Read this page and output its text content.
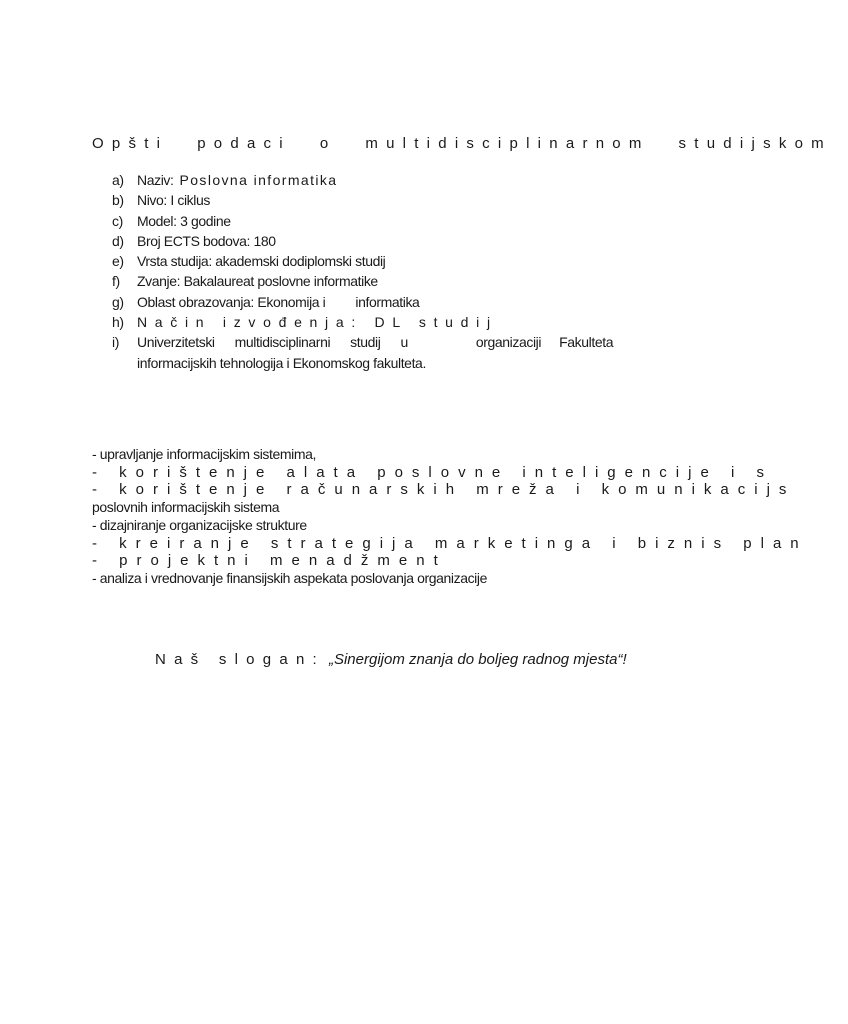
Opšti podaci o multidisciplinarnom studijskom
a) Naziv: Poslovna informatika
b) Nivo: I ciklus
c)	Model: 3 godine
d) Broj ECTS bodova: 180
e) Vrsta studija: akademski dodiplomski studij
f)	Zvanje: Bakalaureat poslovne informatike
g) Oblast obrazovanja: Ekonomija i informatika
h) Način izvođenja: DL studij
i)	Univerzitetski multidisciplinarni studij u	organizaciji Fakulteta
informacijskih tehnologija i Ekonomskog fakulteta.
- upravljanje informacijskim sistemima,
- korištenje alata poslovne inteligencije i s
- korištenje računarskih mreža i komunikacijs
poslovnih informacijskih sistema
- dizajniranje organizacijske strukture
- kreiranje strategija marketinga i biznis plan
- projektni menadžment
- analiza i vrednovanje finansijskih aspekata poslovanja organizacije
Naš slogan: „Sinergijom znanja do boljeg radnog mjesta“!
